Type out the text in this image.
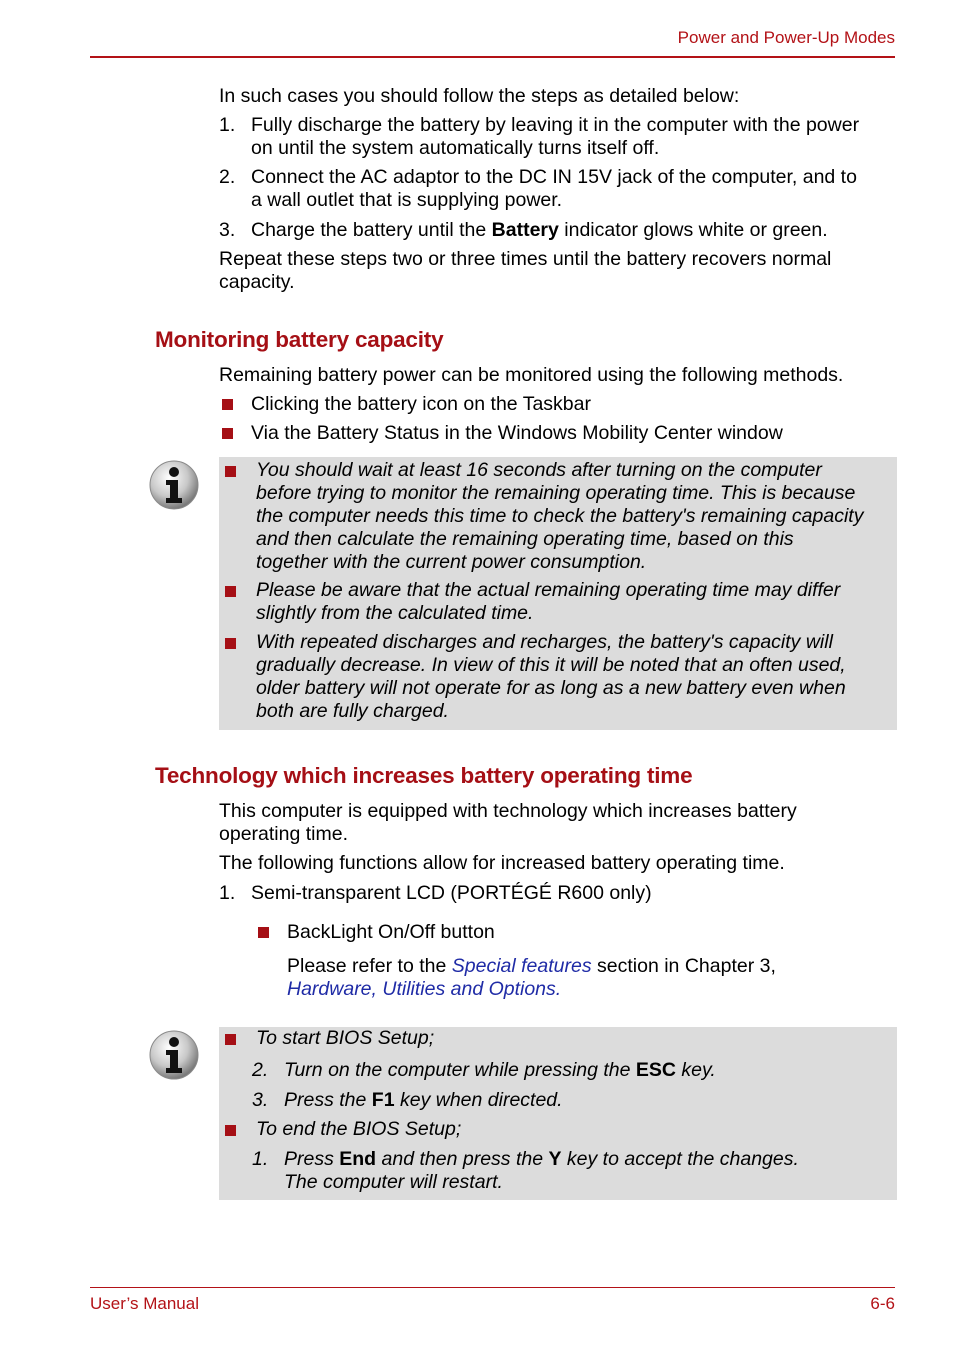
Power and Power-Up Modes
In such cases you should follow the steps as detailed below:
1. Fully discharge the battery by leaving it in the computer with the power
on until the system automatically turns itself off.
2. Connect the AC adaptor to the DC IN 15V jack of the computer, and to
a wall outlet that is supplying power.
3. Charge the battery until the Battery indicator glows white or green.
Repeat these steps two or three times until the battery recovers normal
capacity.
Monitoring battery capacity
Remaining battery power can be monitored using the following methods.
Clicking the battery icon on the Taskbar
Via the Battery Status in the Windows Mobility Center window
You should wait at least 16 seconds after turning on the computer
before trying to monitor the remaining operating time. This is because
the computer needs this time to check the battery's remaining capacity
and then calculate the remaining operating time, based on this
together with the current power consumption.
Please be aware that the actual remaining operating time may differ
slightly from the calculated time.
With repeated discharges and recharges, the battery's capacity will
gradually decrease. In view of this it will be noted that an often used,
older battery will not operate for as long as a new battery even when
both are fully charged.
Technology which increases battery operating time
This computer is equipped with technology which increases battery
operating time.
The following functions allow for increased battery operating time.
1. Semi-transparent LCD (PORTÉGÉ R600 only)
BackLight On/Off button
Please refer to the Special features section in Chapter 3,
Hardware, Utilities and Options.
To start BIOS Setup;
2. Turn on the computer while pressing the ESC key.
3. Press the F1 key when directed.
To end the BIOS Setup;
1. Press End and then press the Y key to accept the changes.
The computer will restart.
User’s Manual	6-6
